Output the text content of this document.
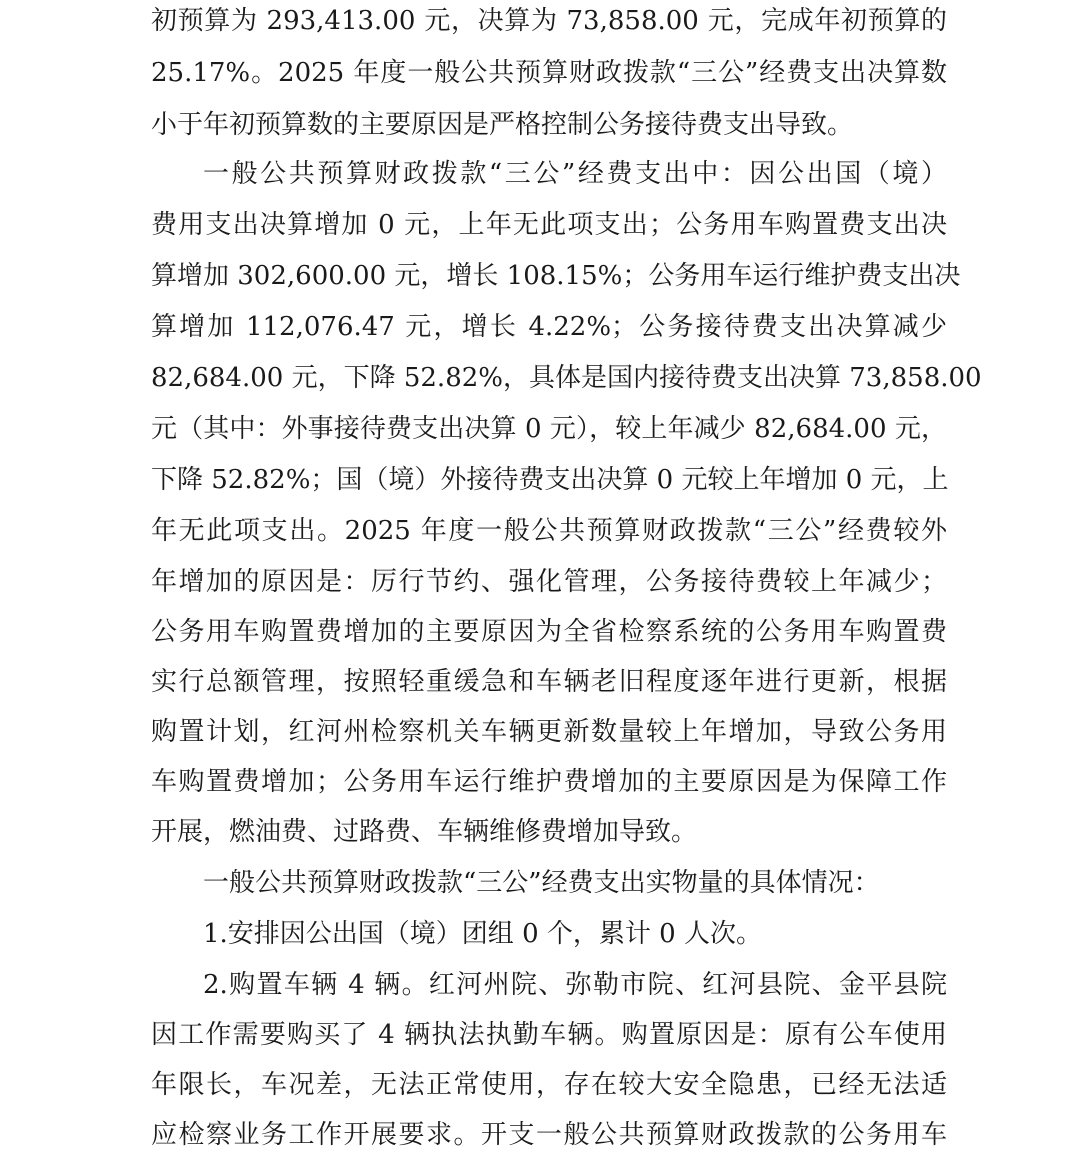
初预算为 293,413.00 元，决算为 73,858.00 元，完成年初预算的
25.17%。2025 年度一般公共预算财政拨款“三公”经费支出决算数
小于年初预算数的主要原因是严格控制公务接待费支出导致。
一般公共预算财政拨款“三公”经费支出中：因公出国（境）
费用支出决算增加 0 元，上年无此项支出；公务用车购置费支出决
算增加 302,600.00 元，增长 108.15%；公务用车运行维护费支出决
算增加 112,076.47 元，增长 4.22%；公务接待费支出决算减少
82,684.00 元，下降 52.82%，具体是国内接待费支出决算 73,858.00
元（其中：外事接待费支出决算 0 元），较上年减少 82,684.00 元，
下降 52.82%；国（境）外接待费支出决算 0 元较上年增加 0 元，上
年无此项支出。2025 年度一般公共预算财政拨款“三公”经费较外
年增加的原因是：厉行节约、强化管理，公务接待费较上年减少；
公务用车购置费增加的主要原因为全省检察系统的公务用车购置费
实行总额管理，按照轻重缓急和车辆老旧程度逐年进行更新，根据
购置计划，红河州检察机关车辆更新数量较上年增加，导致公务用
车购置费增加；公务用车运行维护费增加的主要原因是为保障工作
开展，燃油费、过路费、车辆维修费增加导致。
一般公共预算财政拨款“三公”经费支出实物量的具体情况：
1.安排因公出国（境）团组 0 个，累计 0 人次。
2.购置车辆 4 辆。红河州院、弥勒市院、红河县院、金平县院
因工作需要购买了 4 辆执法执勤车辆。购置原因是：原有公车使用
年限长，车况差，无法正常使用，存在较大安全隐患，已经无法适
应检察业务工作开展要求。开支一般公共预算财政拨款的公务用车
